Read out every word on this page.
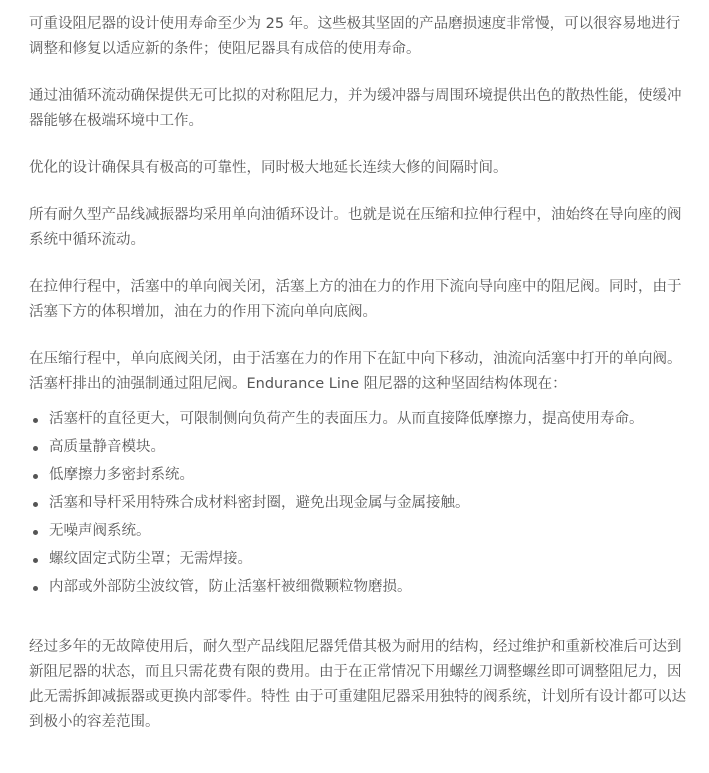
可重设阻尼器的设计使用寿命至少为 25 年。这些极其坚固的产品磨损速度非常慢，可以很容易地进行调整和修复以适应新的条件；使阻尼器具有成倍的使用寿命。

通过油循环流动确保提供无可比拟的对称阻尼力，并为缓冲器与周围环境提供出色的散热性能，使缓冲器能够在极端环境中工作。

优化的设计确保具有极高的可靠性，同时极大地延长连续大修的间隔时间。

所有耐久型产品线减振器均采用单向油循环设计。也就是说在压缩和拉伸行程中，油始终在导向座的阀系统中循环流动。

在拉伸行程中，活塞中的单向阀关闭，活塞上方的油在力的作用下流向导向座中的阻尼阀。同时，由于活塞下方的体积增加，油在力的作用下流向单向底阀。

在压缩行程中，单向底阀关闭，由于活塞在力的作用下在缸中向下移动，油流向活塞中打开的单向阀。活塞杆排出的油强制通过阻尼阀。Endurance Line 阻尼器的这种坚固结构体现在：

活塞杆的直径更大，可限制侧向负荷产生的表面压力。从而直接降低摩擦力，提高使用寿命。
高质量静音模块。
低摩擦力多密封系统。
活塞和导杆采用特殊合成材料密封圈，避免出现金属与金属接触。
无噪声阀系统。
螺纹固定式防尘罩；无需焊接。
内部或外部防尘波纹管，防止活塞杆被细微颗粒物磨损。

经过多年的无故障使用后，耐久型产品线阻尼器凭借其极为耐用的结构，经过维护和重新校准后可达到新阻尼器的状态，而且只需花费有限的费用。由于在正常情况下用螺丝刀调整螺丝即可调整阻尼力，因此无需拆卸减振器或更换内部零件。特性 由于可重建阻尼器采用独特的阀系统，计划所有设计都可以达到极小的容差范围。
